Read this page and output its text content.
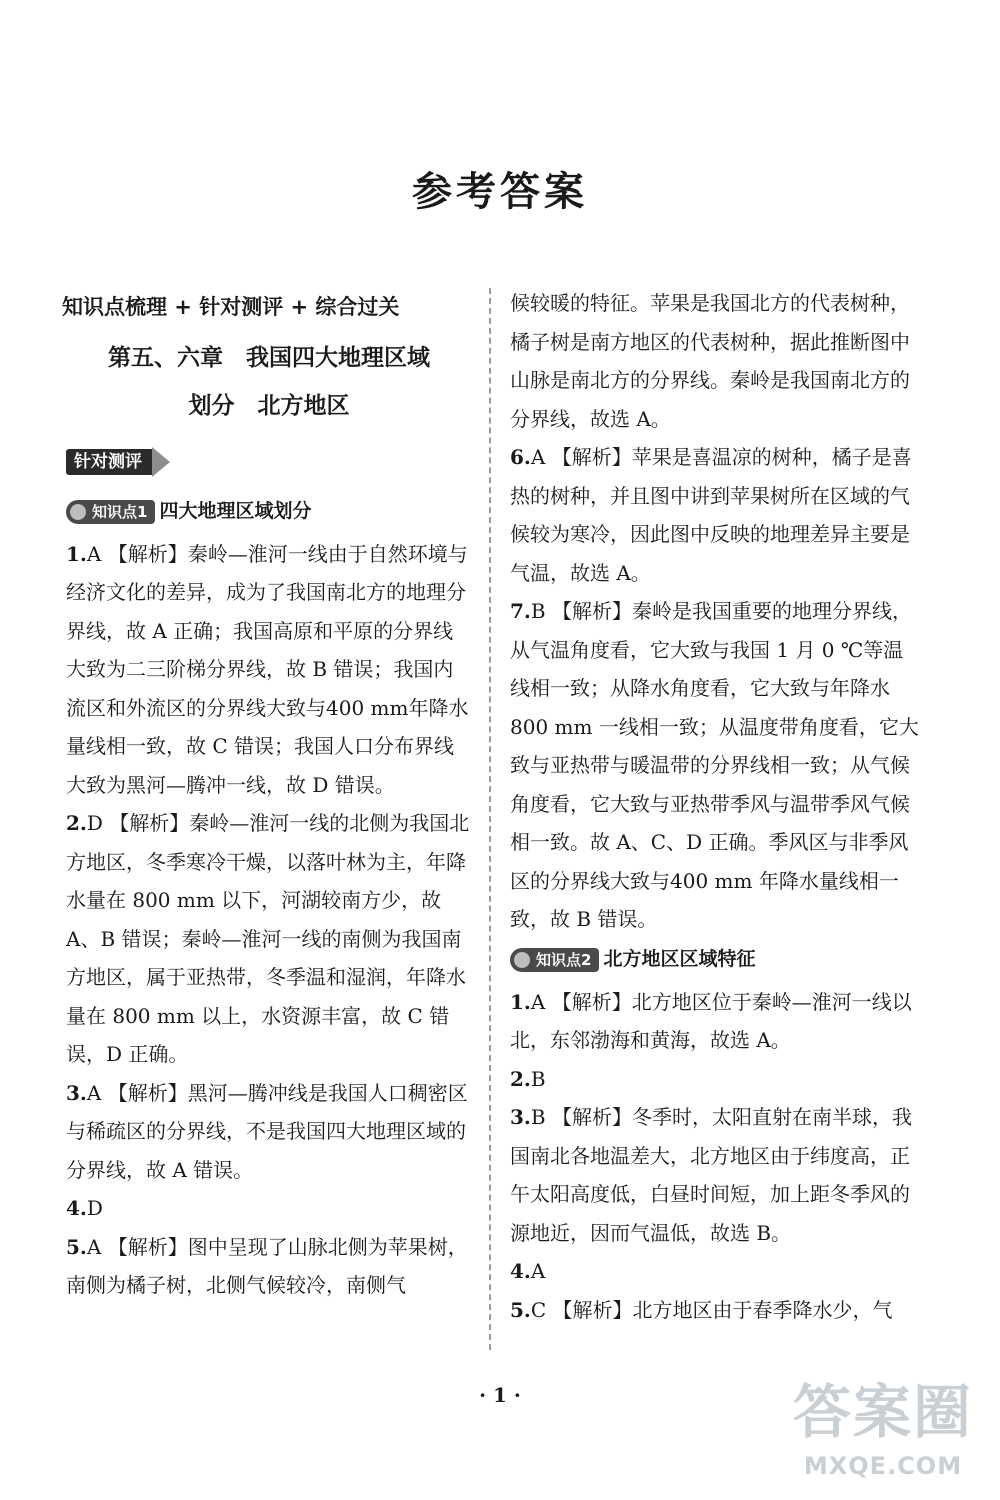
参考答案
知识点梳理 + 针对测评 + 综合过关
第五、六章　我国四大地理区域
划分　北方地区
针对测评
知识点1 四大地理区域划分
1.A 【解析】秦岭—淮河一线由于自然环境与经济文化的差异，成为了我国南北方的地理分界线，故 A 正确；我国高原和平原的分界线大致为二三阶梯分界线，故 B 错误；我国内流区和外流区的分界线大致与400 mm年降水量线相一致，故 C 错误；我国人口分布界线大致为黑河—腾冲一线，故 D 错误。
2.D 【解析】秦岭—淮河一线的北侧为我国北方地区，冬季寒冷干燥，以落叶林为主，年降水量在 800 mm 以下，河湖较南方少，故 A、B 错误；秦岭—淮河一线的南侧为我国南方地区，属于亚热带，冬季温和湿润，年降水量在 800 mm 以上，水资源丰富，故 C 错误，D 正确。
3.A 【解析】黑河—腾冲线是我国人口稠密区与稀疏区的分界线，不是我国四大地理区域的分界线，故 A 错误。
4.D
5.A 【解析】图中呈现了山脉北侧为苹果树，南侧为橘子树，北侧气候较冷，南侧气
候较暖的特征。苹果是我国北方的代表树种，橘子树是南方地区的代表树种，据此推断图中山脉是南北方的分界线。秦岭是我国南北方的分界线，故选 A。
6.A 【解析】苹果是喜温凉的树种，橘子是喜热的树种，并且图中讲到苹果树所在区域的气候较为寒冷，因此图中反映的地理差异主要是气温，故选 A。
7.B 【解析】秦岭是我国重要的地理分界线，从气温角度看，它大致与我国 1 月 0 ℃等温线相一致；从降水角度看，它大致与年降水 800 mm 一线相一致；从温度带角度看，它大致与亚热带与暖温带的分界线相一致；从气候角度看，它大致与亚热带季风与温带季风气候相一致。故 A、C、D 正确。季风区与非季风区的分界线大致与400 mm 年降水量线相一致，故 B 错误。
知识点2 北方地区区域特征
1.A 【解析】北方地区位于秦岭—淮河一线以北，东邻渤海和黄海，故选 A。
2.B
3.B 【解析】冬季时，太阳直射在南半球，我国南北各地温差大，北方地区由于纬度高，正午太阳高度低，白昼时间短，加上距冬季风的源地近，因而气温低，故选 B。
4.A
5.C 【解析】北方地区由于春季降水少，气
· 1 ·	答案圈
MXQE.COM
